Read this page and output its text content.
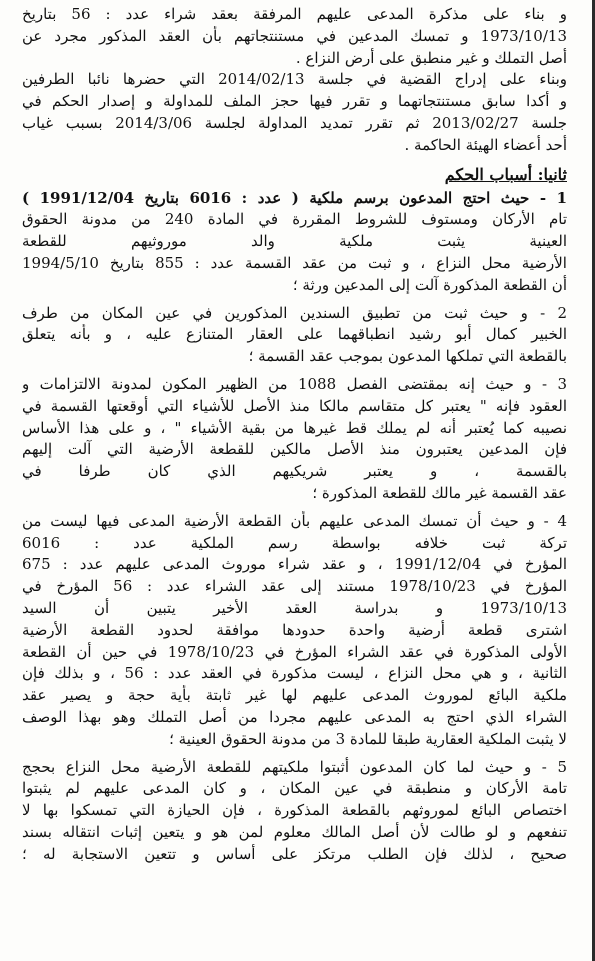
و بناء على مذكرة المدعى عليهم المرفقة بعقد شراء عدد : 56 بتاريخ
1973/10/13 و تمسك المدعين في مستنتجاتهم بأن العقد المذكور مجرد عن
أصل التملك و غير منطبق على أرض النزاع .
وبناء على إدراج القضية في جلسة 2014/02/13 التي حضرها نائبا الطرفين
و أكدا سابق مستنتجاتهما و تقرر فيها حجز الملف للمداولة و إصدار الحكم في
جلسة 2013/02/27 ثم تقرر تمديد المداولة لجلسة 2014/3/06 بسبب غياب
أحد أعضاء الهيئة الحاكمة .
ثانيا: أسباب الحكم
1 - حيث احتج المدعون برسم ملكية ( عدد : 6016 بتاريخ 1991/12/04 )
تام الأركان ومستوف للشروط المقررة في المادة 240 من مدونة الحقوق
العينية يثبت ملكية والد موروثيهم للقطعة
الأرضية محل النزاع ، و ثبت من عقد القسمة عدد : 855 بتاريخ 1994/5/10
أن القطعة المذكورة آلت إلى المدعين ورثة ؛
2 - و حيث ثبت من تطبيق السندين المذكورين في عين المكان من طرف
الخبير كمال أبو رشيد انطباقهما على العقار المتنازع عليه ، و بأنه يتعلق
بالقطعة التي تملكها المدعون بموجب عقد القسمة ؛
3 - و حيث إنه بمقتضى الفصل 1088 من الظهير المكون لمدونة الالتزامات و
العقود فإنه " يعتبر كل متقاسم مالكا منذ الأصل للأشياء التي أوقعتها القسمة في
نصيبه كما يُعتبر أنه لم يملك قط غيرها من بقية الأشياء " ، و على هذا الأساس
فإن المدعين يعتبرون منذ الأصل مالكين للقطعة الأرضية التي آلت إليهم
بالقسمة ، و يعتبر شريكيهم الذي كان طرفا في
عقد القسمة غير مالك للقطعة المذكورة ؛
4 - و حيث أن تمسك المدعى عليهم بأن القطعة الأرضية المدعى فيها ليست من
تركة ثبت خلافه بواسطة رسم الملكية عدد : 6016
المؤرخ في 1991/12/04 ، و عقد شراء موروث المدعى عليهم عدد : 675
المؤرخ في 1978/10/23 مستند إلى عقد الشراء عدد : 56 المؤرخ في
1973/10/13 و بدراسة العقد الأخير يتبين أن السيد
اشترى قطعة أرضية واحدة حدودها موافقة لحدود القطعة الأرضية
الأولى المذكورة في عقد الشراء المؤرخ في 1978/10/23 في حين أن القطعة
الثانية ، و هي محل النزاع ، ليست مذكورة في العقد عدد : 56 ، و بذلك فإن
ملكية البائع لموروث المدعى عليهم لها غير ثابتة بأية حجة و يصير عقد
الشراء الذي احتج به المدعى عليهم مجردا من أصل التملك وهو بهذا الوصف
لا يثبت الملكية العقارية طبقا للمادة 3 من مدونة الحقوق العينية ؛
5 - و حيث لما كان المدعون أثبتوا ملكيتهم للقطعة الأرضية محل النزاع بحجج
تامة الأركان و منطبقة في عين المكان ، و كان المدعى عليهم لم يثبتوا
اختصاص البائع لموروثهم بالقطعة المذكورة ، فإن الحيازة التي تمسكوا بها لا
تنفعهم و لو طالت لأن أصل المالك معلوم لمن هو و يتعين إثبات انتقاله بسند
صحيح ، لذلك فإن الطلب مرتكز على أساس و تتعين الاستجابة له ؛
